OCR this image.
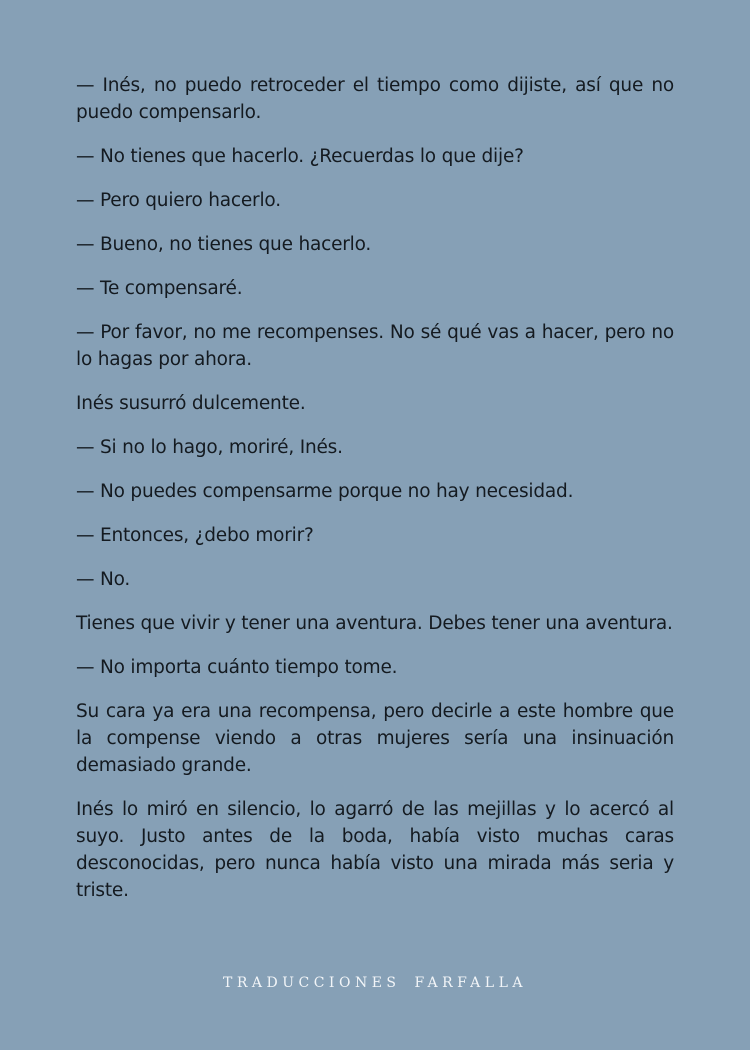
— Inés, no puedo retroceder el tiempo como dijiste, así que no puedo compensarlo.

— No tienes que hacerlo. ¿Recuerdas lo que dije?

— Pero quiero hacerlo.

— Bueno, no tienes que hacerlo.

— Te compensaré.

— Por favor, no me recompenses. No sé qué vas a hacer, pero no lo hagas por ahora.

Inés susurró dulcemente.

— Si no lo hago, moriré, Inés.

— No puedes compensarme porque no hay necesidad.

— Entonces, ¿debo morir?

— No.

Tienes que vivir y tener una aventura. Debes tener una aventura.

— No importa cuánto tiempo tome.

Su cara ya era una recompensa, pero decirle a este hombre que la compense viendo a otras mujeres sería una insinuación demasiado grande.

Inés lo miró en silencio, lo agarró de las mejillas y lo acercó al suyo. Justo antes de la boda, había visto muchas caras desconocidas, pero nunca había visto una mirada más seria y triste.

TRADUCCIONES FARFALLA
